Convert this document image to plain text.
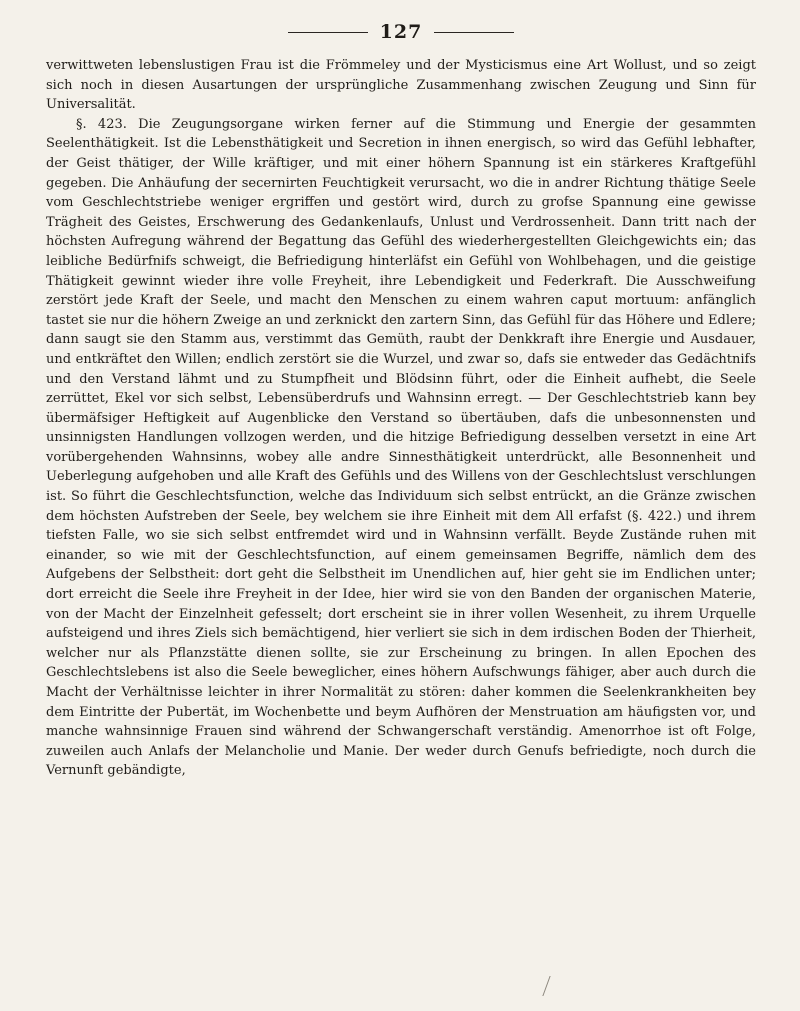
127

verwittweten lebenslustigen Frau ist die Frömmeley und der Mysticismus eine Art Wollust, und so zeigt sich noch in diesen Ausartungen der ursprüngliche Zusammenhang zwischen Zeugung und Sinn für Universalität.

§. 423. Die Zeugungsorgane wirken ferner auf die Stimmung und Energie der gesammten Seelenthätigkeit. Ist die Lebensthätigkeit und Secretion in ihnen energisch, so wird das Gefühl lebhafter, der Geist thätiger, der Wille kräftiger, und mit einer höhern Spannung ist ein stärkeres Kraftgefühl gegeben. Die Anhäufung der secernirten Feuchtigkeit verursacht, wo die in andrer Richtung thätige Seele vom Geschlechtstriebe weniger ergriffen und gestört wird, durch zu grofse Spannung eine gewisse Trägheit des Geistes, Erschwerung des Gedankenlaufs, Unlust und Verdrossenheit. Dann tritt nach der höchsten Aufregung während der Begattung das Gefühl des wiederhergestellten Gleichgewichts ein; das leibliche Bedürfnifs schweigt, die Befriedigung hinterläfst ein Gefühl von Wohlbehagen, und die geistige Thätigkeit gewinnt wieder ihre volle Freyheit, ihre Lebendigkeit und Federkraft. Die Ausschweifung zerstört jede Kraft der Seele, und macht den Menschen zu einem wahren caput mortuum: anfänglich tastet sie nur die höhern Zweige an und zerknickt den zartern Sinn, das Gefühl für das Höhere und Edlere; dann saugt sie den Stamm aus, verstimmt das Gemüth, raubt der Denkkraft ihre Energie und Ausdauer, und entkräftet den Willen; endlich zerstört sie die Wurzel, und zwar so, dafs sie entweder das Gedächtnifs und den Verstand lähmt und zu Stumpfheit und Blödsinn führt, oder die Einheit aufhebt, die Seele zerrüttet, Ekel vor sich selbst, Lebensüberdrufs und Wahnsinn erregt. — Der Geschlechtstrieb kann bey übermäfsiger Heftigkeit auf Augenblicke den Verstand so übertäuben, dafs die unbesonnensten und unsinnigsten Handlungen vollzogen werden, und die hitzige Befriedigung desselben versetzt in eine Art vorübergehenden Wahnsinns, wobey alle andre Sinnesthätigkeit unterdrückt, alle Besonnenheit und Ueberlegung aufgehoben und alle Kraft des Gefühls und des Willens von der Geschlechtslust verschlungen ist. So führt die Geschlechtsfunction, welche das Individuum sich selbst entrückt, an die Gränze zwischen dem höchsten Aufstreben der Seele, bey welchem sie ihre Einheit mit dem All erfafst (§. 422.) und ihrem tiefsten Falle, wo sie sich selbst entfremdet wird und in Wahnsinn verfällt. Beyde Zustände ruhen mit einander, so wie mit der Geschlechtsfunction, auf einem gemeinsamen Begriffe, nämlich dem des Aufgebens der Selbstheit: dort geht die Selbstheit im Unendlichen auf, hier geht sie im Endlichen unter; dort erreicht die Seele ihre Freyheit in der Idee, hier wird sie von den Banden der organischen Materie, von der Macht der Einzelnheit gefesselt; dort erscheint sie in ihrer vollen Wesenheit, zu ihrem Urquelle aufsteigend und ihres Ziels sich bemächtigend, hier verliert sie sich in dem irdischen Boden der Thierheit, welcher nur als Pflanzstätte dienen sollte, sie zur Erscheinung zu bringen. In allen Epochen des Geschlechtslebens ist also die Seele beweglicher, eines höhern Aufschwungs fähiger, aber auch durch die Macht der Verhältnisse leichter in ihrer Normalität zu stören: daher kommen die Seelenkrankheiten bey dem Eintritte der Pubertät, im Wochenbette und beym Aufhören der Menstruation am häufigsten vor, und manche wahnsinnige Frauen sind während der Schwangerschaft verständig. Amenorrhoe ist oft Folge, zuweilen auch Anlafs der Melancholie und Manie. Der weder durch Genufs befriedigte, noch durch die Vernunft gebändigte,
